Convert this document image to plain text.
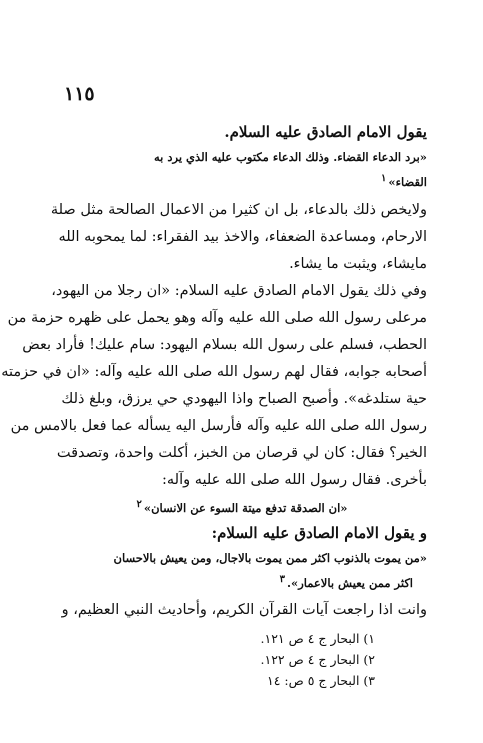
١١٥

يقول الامام الصادق عليه السلام.

«برد الدعاء القضاء. وذلك الدعاء مكتوب عليه الذي يرد به

القضاء»$^١$

ولايخص ذلك بالدعاء، بل ان كثيرا من الاعمال الصالحة مثل صلة

الارحام، ومساعدة الضعفاء، والاخذ بيد الفقراء: لما يمحوبه الله

مايشاء، ويثبت ما يشاء.

وفي ذلك يقول الامام الصادق عليه السلام: «ان رجلا من اليهود،

مرعلى رسول الله صلى الله عليه وآله وهو يحمل على ظهره حزمة من

الحطب، فسلم على رسول الله بسلام اليهود: سام عليك! فأراد بعض

أصحابه جوابه، فقال لهم رسول الله صلى الله عليه وآله: «ان في حزمته

حية ستلدغه». وأصبح الصباح واذا اليهودي حي يرزق، وبلغ ذلك

رسول الله صلى الله عليه وآله فأرسل اليه يسأله عما فعل بالامس من

الخير؟ فقال: كان لي قرصان من الخبز، أكلت واحدة، وتصدقت

بأخرى. فقال رسول الله صلى الله عليه وآله:

«ان الصدقة تدفع ميتة السوء عن الانسان»$^٢$

و يقول الامام الصادق عليه السلام:

«من يموت بالذنوب اكثر ممن يموت بالاجال، ومن يعيش بالاحسان

اكثر ممن يعيش بالاعمار».$^٣$

وانت اذا راجعت آيات القرآن الكريم، وأحاديث النبي العظيم، و

١) البحار ج ٤ ص ١٢١.
٢) البحار ج ٤ ص ١٢٢.
٣) البحار ج ٥ ص: ١٤
